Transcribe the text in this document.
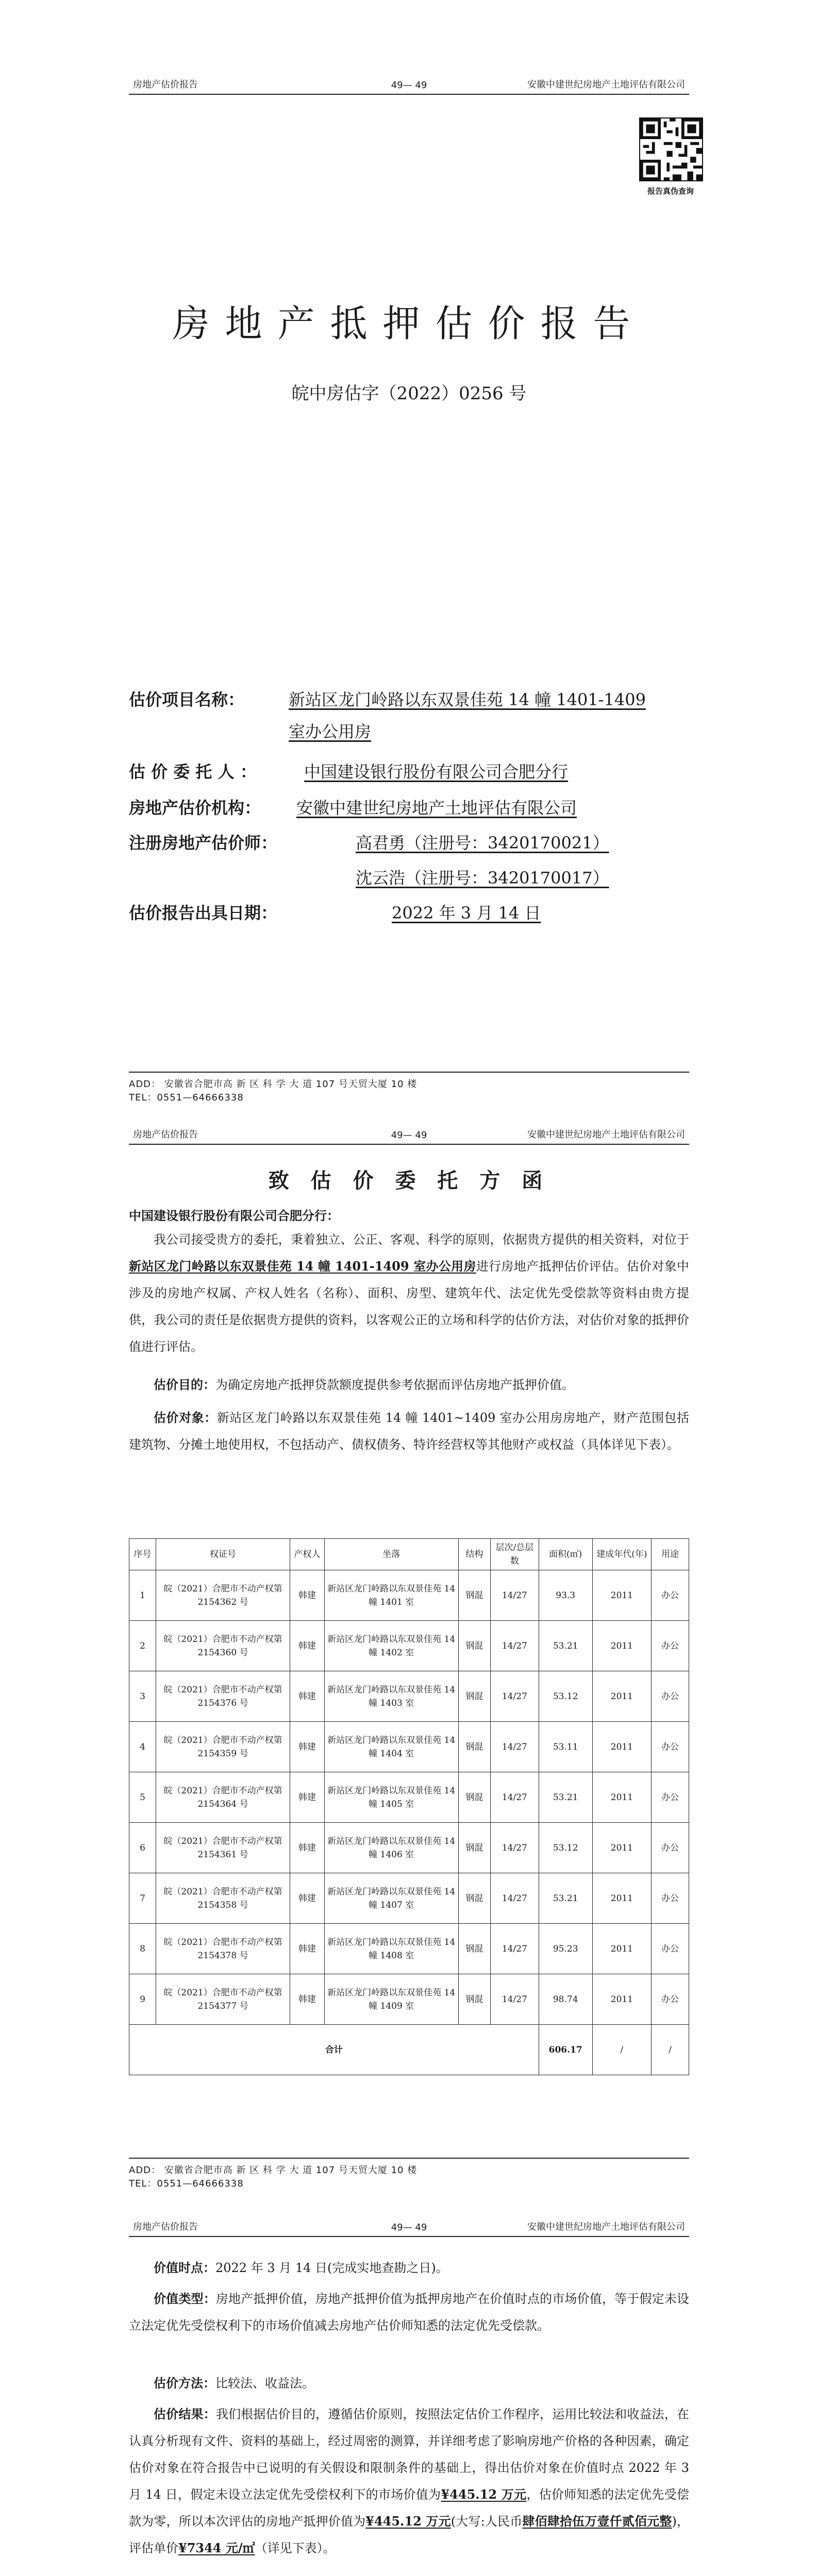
房地产估价报告	49— 49	安徽中建世纪房地产土地评估有限公司
报告真伪查询
房地产抵押估价报告
皖中房估字（2022）0256 号
估价项目名称：	新站区龙门岭路以东双景佳苑 14 幢 1401-1409
室办公用房
估 价 委 托 人 ：	中国建设银行股份有限公司合肥分行
房地产估价机构： 安徽中建世纪房地产土地评估有限公司
注册房地产估价师：	高君勇（注册号：3420170021）
沈云浩（注册号：3420170017）
估价报告出具日期：	2022 年 3 月 14 日
ADD： 安徽省合肥市高 新 区 科 学 大 道 107 号天贸大厦 10 楼
TEL：0551—64666338
房地产估价报告	49— 49	安徽中建世纪房地产土地评估有限公司
致 估 价 委 托 方 函
中国建设银行股份有限公司合肥分行：
我公司接受贵方的委托，秉着独立、公正、客观、科学的原则，依据贵方提供的相关资料，对位于新站区龙门岭路以东双景佳苑 14 幢 1401-1409 室办公用房进行房地产抵押估价评估。估价对象中涉及的房地产权属、产权人姓名（名称）、面积、房型、建筑年代、法定优先受偿款等资料由贵方提供，我公司的责任是依据贵方提供的资料，以客观公正的立场和科学的估价方法，对估价对象的抵押价值进行评估。
估价目的：为确定房地产抵押贷款额度提供参考依据而评估房地产抵押价值。
估价对象：新站区龙门岭路以东双景佳苑 14 幢 1401~1409 室办公用房房地产，财产范围包括建筑物、分摊土地使用权，不包括动产、债权债务、特许经营权等其他财产或权益（具体详见下表）。
序号	权证号	产权人	坐落	结构	层次/总层数	面积(㎡)	建成年代(年)	用途
1	皖（2021）合肥市不动产权第 2154362 号	韩建	新站区龙门岭路以东双景佳苑 14 幢 1401 室	钢混	14/27	93.3	2011	办公
2	皖（2021）合肥市不动产权第 2154360 号	韩建	新站区龙门岭路以东双景佳苑 14 幢 1402 室	钢混	14/27	53.21	2011	办公
3	皖（2021）合肥市不动产权第 2154376 号	韩建	新站区龙门岭路以东双景佳苑 14 幢 1403 室	钢混	14/27	53.12	2011	办公
4	皖（2021）合肥市不动产权第 2154359 号	韩建	新站区龙门岭路以东双景佳苑 14 幢 1404 室	钢混	14/27	53.11	2011	办公
5	皖（2021）合肥市不动产权第 2154364 号	韩建	新站区龙门岭路以东双景佳苑 14 幢 1405 室	钢混	14/27	53.21	2011	办公
6	皖（2021）合肥市不动产权第 2154361 号	韩建	新站区龙门岭路以东双景佳苑 14 幢 1406 室	钢混	14/27	53.12	2011	办公
7	皖（2021）合肥市不动产权第 2154358 号	韩建	新站区龙门岭路以东双景佳苑 14 幢 1407 室	钢混	14/27	53.21	2011	办公
8	皖（2021）合肥市不动产权第 2154378 号	韩建	新站区龙门岭路以东双景佳苑 14 幢 1408 室	钢混	14/27	95.23	2011	办公
9	皖（2021）合肥市不动产权第 2154377 号	韩建	新站区龙门岭路以东双景佳苑 14 幢 1409 室	钢混	14/27	98.74	2011	办公
合计						606.17	/	/
ADD： 安徽省合肥市高 新 区 科 学 大 道 107 号天贸大厦 10 楼
TEL：0551—64666338
房地产估价报告	49— 49	安徽中建世纪房地产土地评估有限公司
价值时点：2022 年 3 月 14 日(完成实地查勘之日)。
价值类型：房地产抵押价值，房地产抵押价值为抵押房地产在价值时点的市场价值，等于假定未设立法定优先受偿权利下的市场价值减去房地产估价师知悉的法定优先受偿款。
估价方法：比较法、收益法。
估价结果：我们根据估价目的，遵循估价原则，按照法定估价工作程序，运用比较法和收益法，在认真分析现有文件、资料的基础上，经过周密的测算，并详细考虑了影响房地产价格的各种因素，确定估价对象在符合报告中已说明的有关假设和限制条件的基础上，得出估价对象在价值时点 2022 年 3 月 14 日，假定未设立法定优先受偿权利下的市场价值为¥445.12 万元，估价师知悉的法定优先受偿款为零，所以本次评估的房地产抵押价值为¥445.12 万元(大写:人民币肆佰肆拾伍万壹仟贰佰元整)，评估单价¥7344 元/㎡（详见下表）。
